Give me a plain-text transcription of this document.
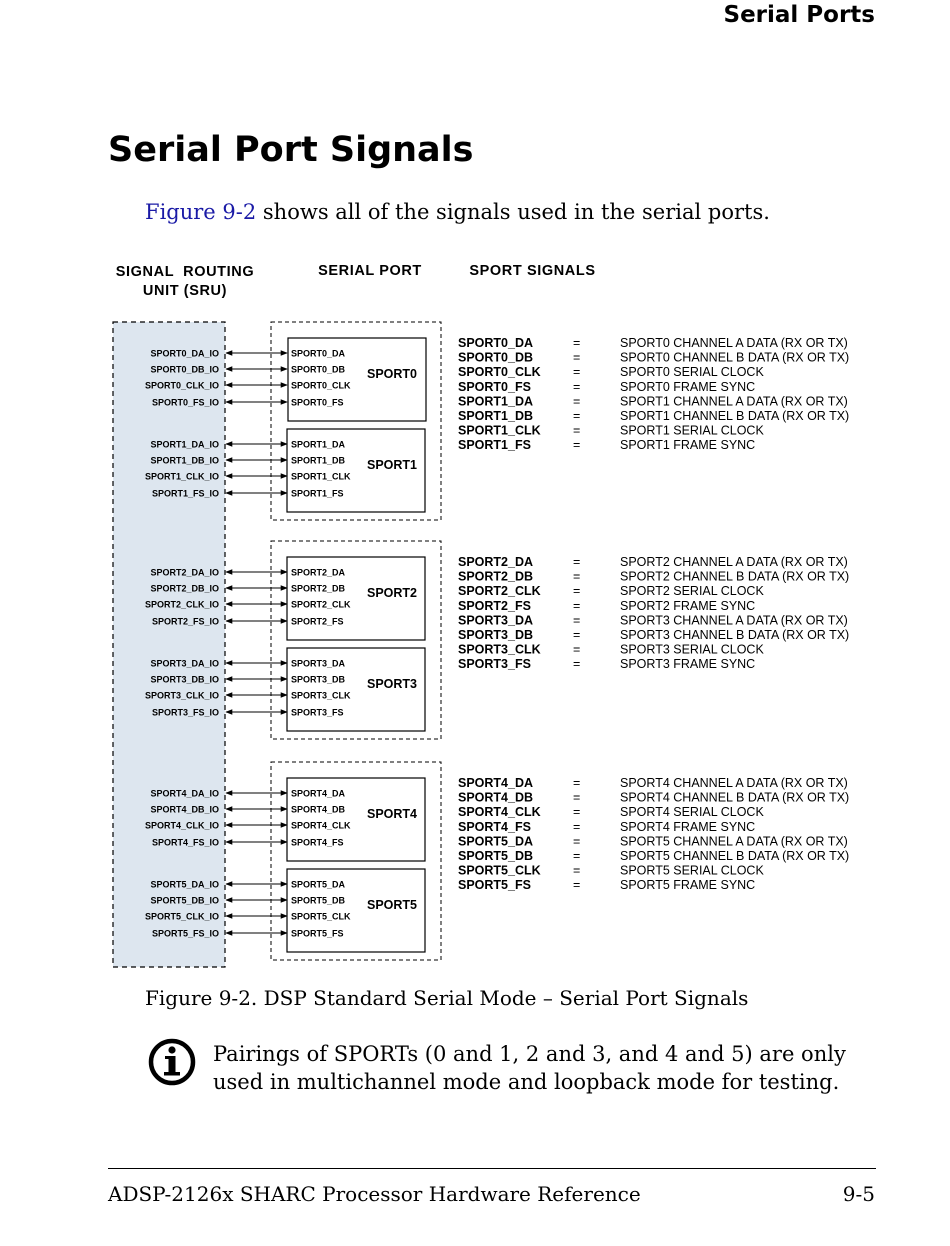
Serial Ports
Serial Port Signals

Figure 9-2 shows all of the signals used in the serial ports.

SIGNAL  ROUTING
UNIT (SRU)
SERIAL PORT	SPORT SIGNALS
SPORT0
SPORT0_DA_IO	SPORT0_DA
SPORT0_DB_IO	SPORT0_DB
SPORT0_CLK_IO	SPORT0_CLK
SPORT0_FS_IO	SPORT0_FS
SPORT1
SPORT1_DA_IO	SPORT1_DA
SPORT1_DB_IO	SPORT1_DB
SPORT1_CLK_IO	SPORT1_CLK
SPORT1_FS_IO	SPORT1_FS
SPORT0_DA	=	SPORT0 CHANNEL A DATA (RX OR TX)
SPORT0_DB	=	SPORT0 CHANNEL B DATA (RX OR TX)
SPORT0_CLK	=	SPORT0 SERIAL CLOCK
SPORT0_FS	=	SPORT0 FRAME SYNC
SPORT1_DA	=	SPORT1 CHANNEL A DATA (RX OR TX)
SPORT1_DB	=	SPORT1 CHANNEL B DATA (RX OR TX)
SPORT1_CLK	=	SPORT1 SERIAL CLOCK
SPORT1_FS	=	SPORT1 FRAME SYNC
SPORT2
SPORT2_DA_IO	SPORT2_DA
SPORT2_DB_IO	SPORT2_DB
SPORT2_CLK_IO	SPORT2_CLK
SPORT2_FS_IO	SPORT2_FS
SPORT3
SPORT3_DA_IO	SPORT3_DA
SPORT3_DB_IO	SPORT3_DB
SPORT3_CLK_IO	SPORT3_CLK
SPORT3_FS_IO	SPORT3_FS
SPORT2_DA	=	SPORT2 CHANNEL A DATA (RX OR TX)
SPORT2_DB	=	SPORT2 CHANNEL B DATA (RX OR TX)
SPORT2_CLK	=	SPORT2 SERIAL CLOCK
SPORT2_FS	=	SPORT2 FRAME SYNC
SPORT3_DA	=	SPORT3 CHANNEL A DATA (RX OR TX)
SPORT3_DB	=	SPORT3 CHANNEL B DATA (RX OR TX)
SPORT3_CLK	=	SPORT3 SERIAL CLOCK
SPORT3_FS	=	SPORT3 FRAME SYNC
SPORT4
SPORT4_DA_IO	SPORT4_DA
SPORT4_DB_IO	SPORT4_DB
SPORT4_CLK_IO	SPORT4_CLK
SPORT4_FS_IO	SPORT4_FS
SPORT5
SPORT5_DA_IO	SPORT5_DA
SPORT5_DB_IO	SPORT5_DB
SPORT5_CLK_IO	SPORT5_CLK
SPORT5_FS_IO	SPORT5_FS
SPORT4_DA	=	SPORT4 CHANNEL A DATA (RX OR TX)
SPORT4_DB	=	SPORT4 CHANNEL B DATA (RX OR TX)
SPORT4_CLK	=	SPORT4 SERIAL CLOCK
SPORT4_FS	=	SPORT4 FRAME SYNC
SPORT5_DA	=	SPORT5 CHANNEL A DATA (RX OR TX)
SPORT5_DB	=	SPORT5 CHANNEL B DATA (RX OR TX)
SPORT5_CLK	=	SPORT5 SERIAL CLOCK
SPORT5_FS	=	SPORT5 FRAME SYNC

Figure 9-2. DSP Standard Serial Mode – Serial Port Signals

Pairings of SPORTs (0 and 1, 2 and 3, and 4 and 5) are only used in multichannel mode and loopback mode for testing.

ADSP-2126x SHARC Processor Hardware Reference	9-5
